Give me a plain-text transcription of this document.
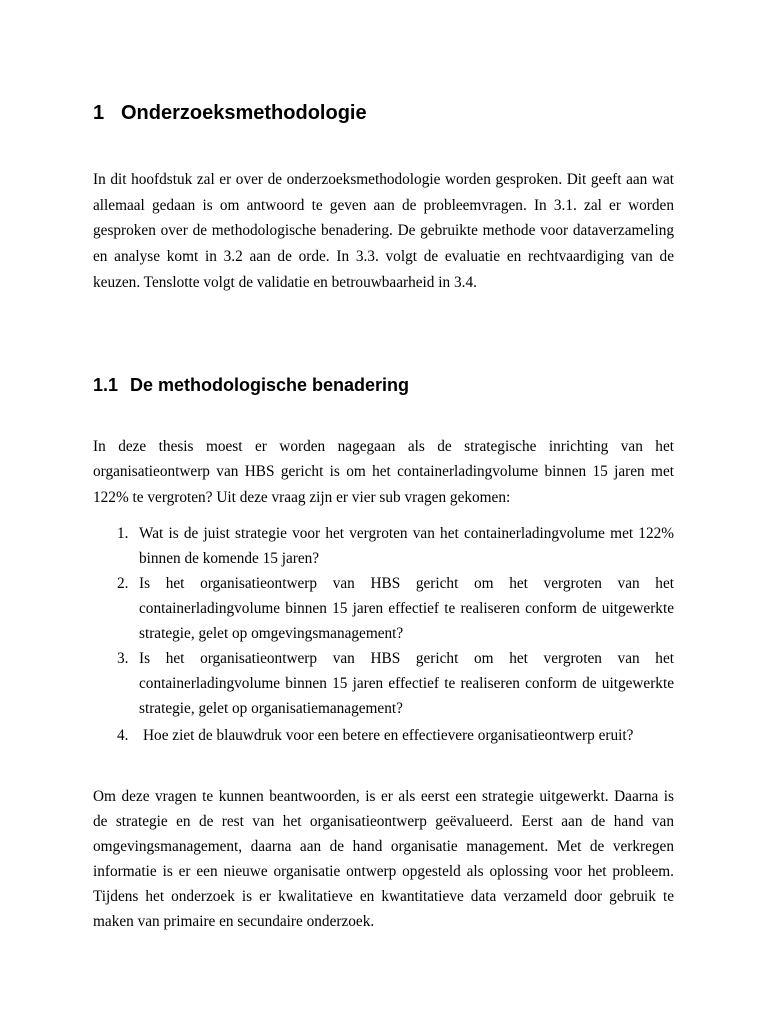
1 Onderzoeksmethodologie
In dit hoofdstuk zal er over de onderzoeksmethodologie worden gesproken. Dit geeft aan wat
allemaal gedaan is om antwoord te geven aan de probleemvragen. In 3.1. zal er worden
gesproken over de methodologische benadering. De gebruikte methode voor dataverzameling
en analyse komt in 3.2 aan de orde. In 3.3. volgt de evaluatie en rechtvaardiging van de
keuzen. Tenslotte volgt de validatie en betrouwbaarheid in 3.4.
1.1 De methodologische benadering
In deze thesis moest er worden nagegaan als de strategische inrichting van het
organisatieontwerp van HBS gericht is om het containerladingvolume binnen 15 jaren met
122% te vergroten? Uit deze vraag zijn er vier sub vragen gekomen:
1. Wat is de juist strategie voor het vergroten van het containerladingvolume met 122%
binnen de komende 15 jaren?
2. Is het organisatieontwerp van HBS gericht om het vergroten van het
containerladingvolume binnen 15 jaren effectief te realiseren conform de uitgewerkte
strategie, gelet op omgevingsmanagement?
3. Is het organisatieontwerp van HBS gericht om het vergroten van het
containerladingvolume binnen 15 jaren effectief te realiseren conform de uitgewerkte
strategie, gelet op organisatiemanagement?
4. Hoe ziet de blauwdruk voor een betere en effectievere organisatieontwerp eruit?
Om deze vragen te kunnen beantwoorden, is er als eerst een strategie uitgewerkt. Daarna is
de strategie en de rest van het organisatieontwerp geëvalueerd. Eerst aan de hand van
omgevingsmanagement, daarna aan de hand organisatie management. Met de verkregen
informatie is er een nieuwe organisatie ontwerp opgesteld als oplossing voor het probleem.
Tijdens het onderzoek is er kwalitatieve en kwantitatieve data verzameld door gebruik te
maken van primaire en secundaire onderzoek.
